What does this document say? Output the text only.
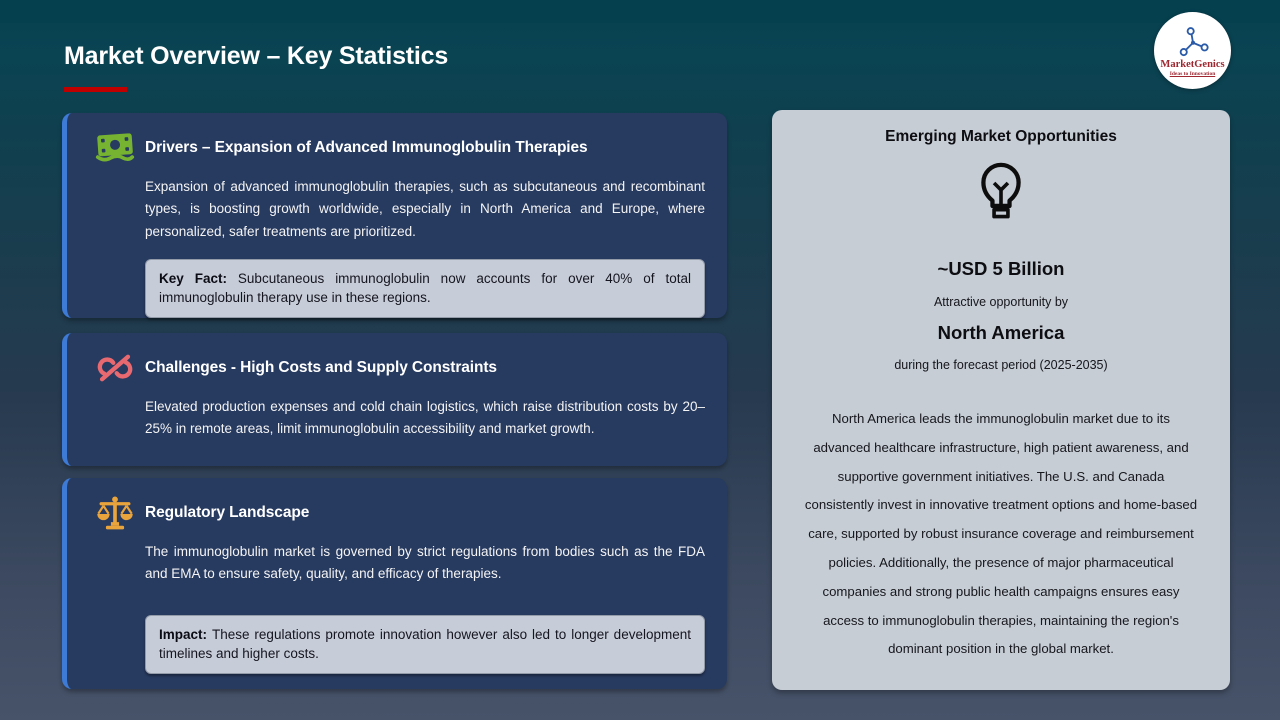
Market Overview – Key Statistics	MarketGenics
Ideas to Innovation
Drivers – Expansion of Advanced Immunoglobulin Therapies

Expansion of advanced immunoglobulin therapies, such as subcutaneous and recombinant types, is boosting growth worldwide, especially in North America and Europe, where personalized, safer treatments are prioritized.

Key Fact: Subcutaneous immunoglobulin now accounts for over 40% of total immunoglobulin therapy use in these regions.

Challenges - High Costs and Supply Constraints

Elevated production expenses and cold chain logistics, which raise distribution costs by 20–25% in remote areas, limit immunoglobulin accessibility and market growth.

Regulatory Landscape

The immunoglobulin market is governed by strict regulations from bodies such as the FDA and EMA to ensure safety, quality, and efficacy of therapies.

Impact: These regulations promote innovation however also led to longer development timelines and higher costs.

Emerging Market Opportunities
~USD 5 Billion
Attractive opportunity by
North America
during the forecast period (2025-2035)

North America leads the immunoglobulin market due to its advanced healthcare infrastructure, high patient awareness, and supportive government initiatives. The U.S. and Canada consistently invest in innovative treatment options and home-based care, supported by robust insurance coverage and reimbursement policies. Additionally, the presence of major pharmaceutical companies and strong public health campaigns ensures easy access to immunoglobulin therapies, maintaining the region's dominant position in the global market.
